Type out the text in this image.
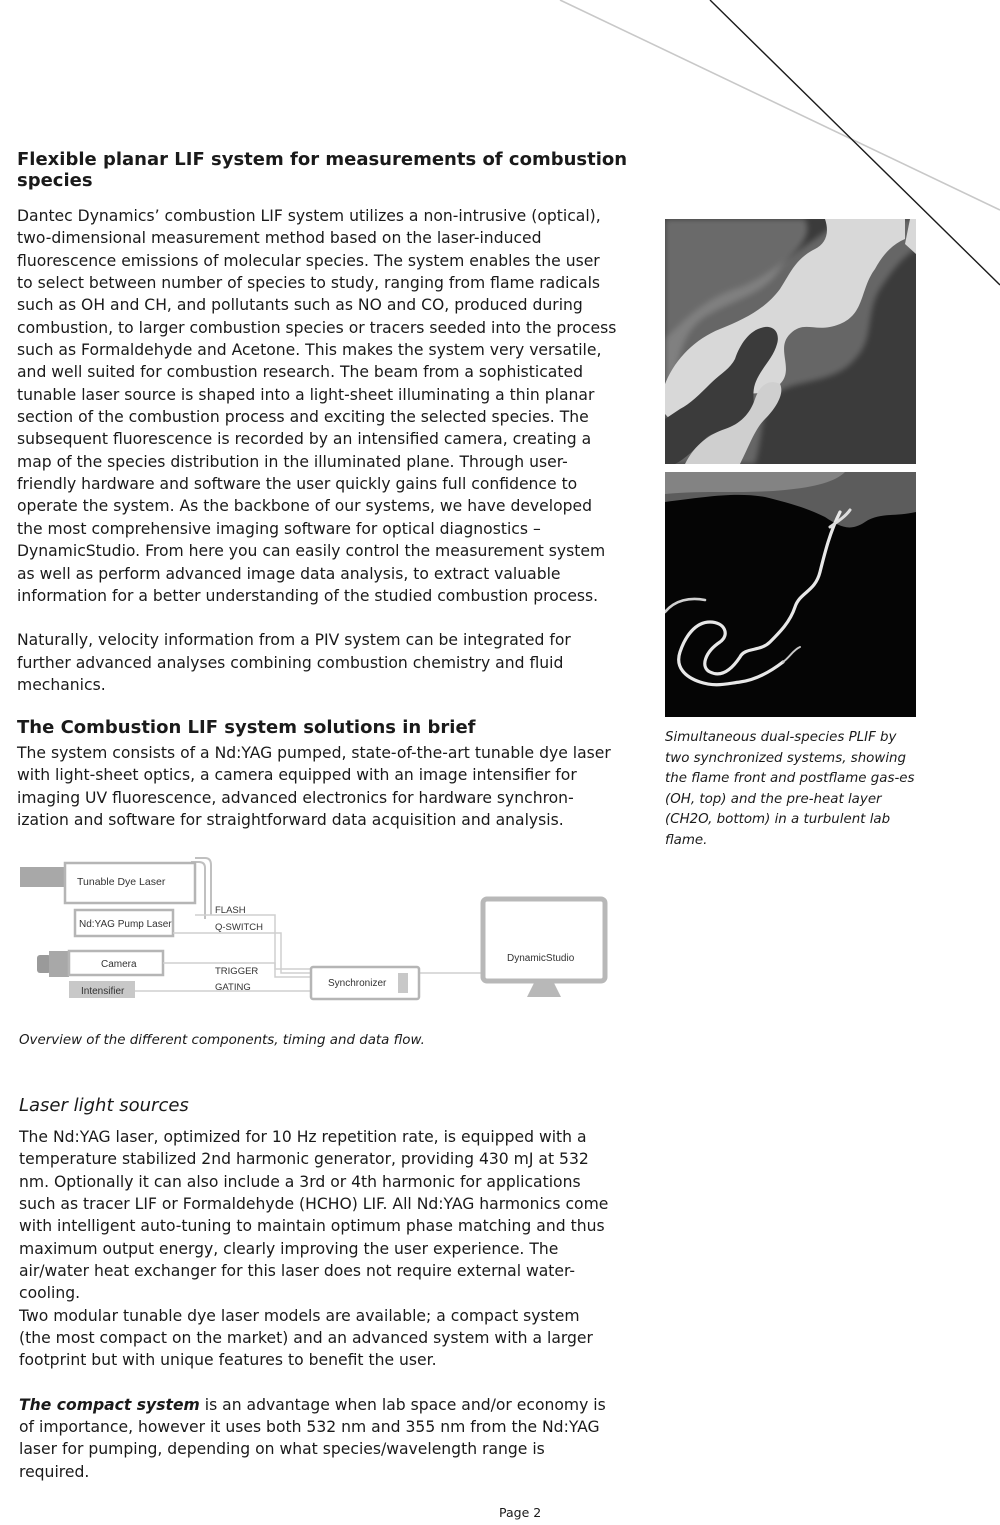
Flexible planar LIF system for measurements of combustion species

Dantec Dynamics’ combustion LIF system utilizes a non-intrusive (optical), two-dimensional measurement method based on the laser-induced fluorescence emissions of molecular species. The system enables the user to select between number of species to study, ranging from flame radicals such as OH and CH, and pollutants such as NO and CO, produced during combustion, to larger combustion species or tracers seeded into the process such as Formaldehyde and Acetone. This makes the system very versatile, and well suited for combustion research. The beam from a sophisticated tunable laser source is shaped into a light-sheet illuminating a thin planar section of the combustion process and exciting the selected species. The subsequent fluorescence is recorded by an intensified camera, creating a map of the species distribution in the illuminated plane. Through user-friendly hardware and software the user quickly gains full confidence to operate the system. As the backbone of our systems, we have developed the most comprehensive imaging software for optical diagnostics – DynamicStudio. From here you can easily control the measurement system as well as perform advanced image data analysis, to extract valuable information for a better understanding of the studied combustion process.

Naturally, velocity information from a PIV system can be integrated for further advanced analyses combining combustion chemistry and fluid mechanics.

The Combustion LIF system solutions in brief

The system consists of a Nd:YAG pumped, state-of-the-art tunable dye laser with light-sheet optics, a camera equipped with an image intensifier for imaging UV fluorescence, advanced electronics for hardware synchron-ization and software for straightforward data acquisition and analysis.

Simultaneous dual-species PLIF by two synchronized systems, showing the flame front and postflame gas-es (OH, top) and the pre-heat layer (CH2O, bottom) in a turbulent lab flame.

Tunable Dye Laser
Nd:YAG Pump Laser
Camera
Intensifier
FLASH
Q-SWITCH
TRIGGER
GATING	Synchronizer
DynamicStudio

Overview of the different components, timing and data flow.

Laser light sources

The Nd:YAG laser, optimized for 10 Hz repetition rate, is equipped with a temperature stabilized 2nd harmonic generator, providing 430 mJ at 532 nm. Optionally it can also include a 3rd or 4th harmonic for applications such as tracer LIF or Formaldehyde (HCHO) LIF. All Nd:YAG harmonics come with intelligent auto-tuning to maintain optimum phase matching and thus maximum output energy, clearly improving the user experience. The air/water heat exchanger for this laser does not require external water-cooling.

Two modular tunable dye laser models are available; a compact system (the most compact on the market) and an advanced system with a larger footprint but with unique features to benefit the user.

The compact system is an advantage when lab space and/or economy is of importance, however it uses both 532 nm and 355 nm from the Nd:YAG laser for pumping, depending on what species/wavelength range is required.

Page 2
